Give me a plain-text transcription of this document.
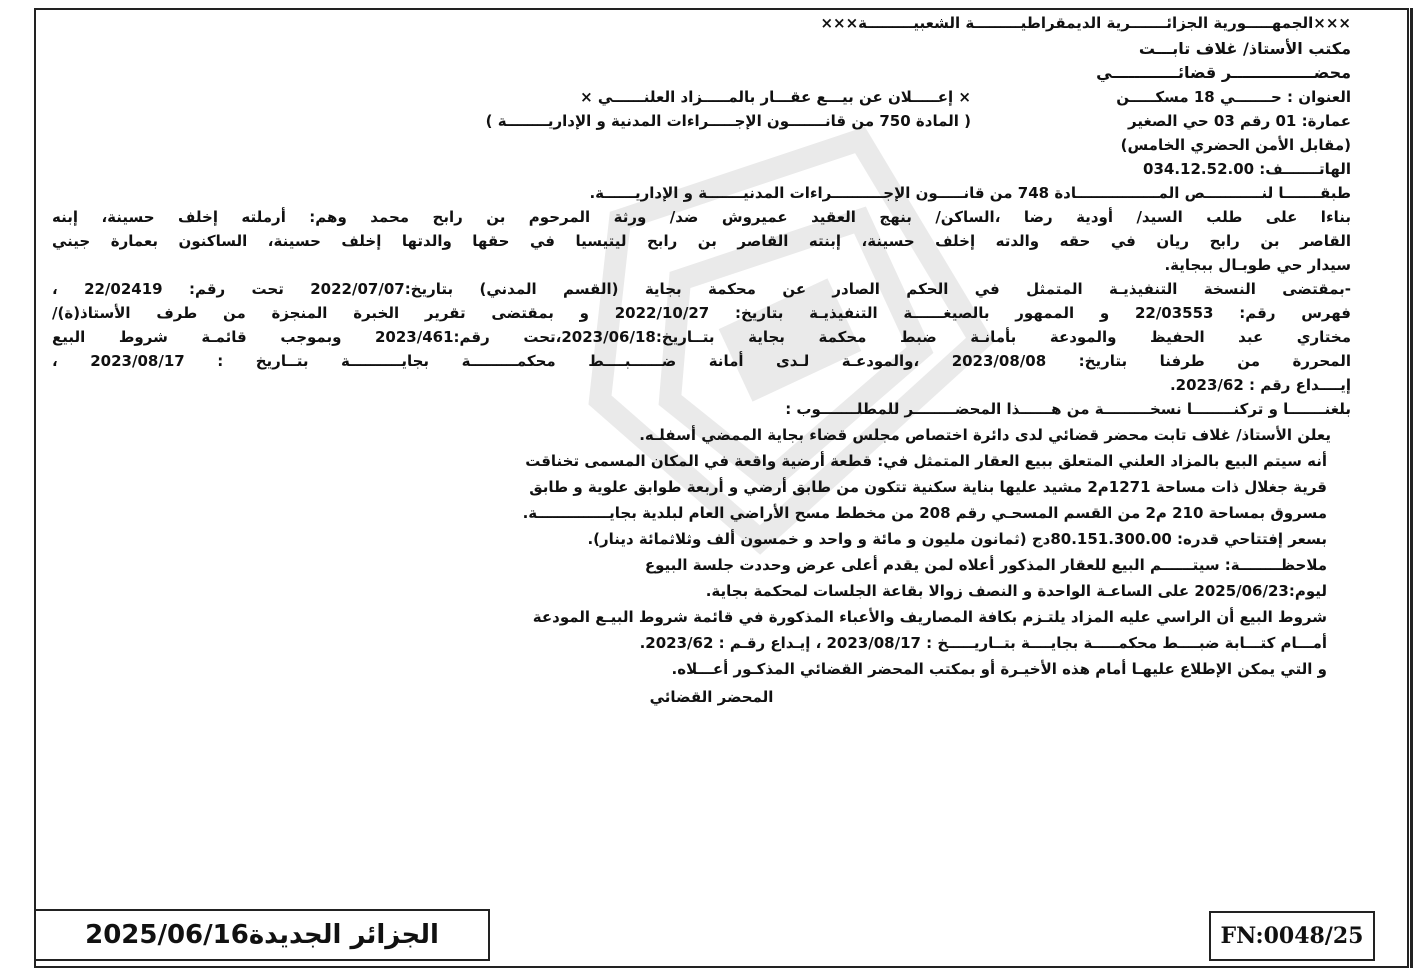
×××الجمهـــــورية الجزائـــــــرية الديمقراطيـــــــــة الشعبيـــــــــة×××
مكتب الأستاذ/ غلاف تابـــت
محضـــــــــــــــر قضائــــــــــــي
العنوان : حـــــــي 18 مسكـــــن
× إعـــــلان عن بيـــع عقـــار بالمـــــزاد العلنــــــي ×
عمارة: 01 رقم 03 حي الصغير
( المادة 750 من قانـــــــون الإجـــــراءات المدنية و الإداريــــــــة )
(مقابل الأمن الحضري الخامس)
الهاتـــــــف: 034.12.52.00
طبقـــــــا لنـــــــــــص المــــــــــــــــادة 748 من قانـــــون الإجــــــــــراءات المدنيـــــــة و الإداريــــــة.
بناءا على طلب السيد/ أودية رضا ،الساكن/ بنهج العقيد عميروش ضد/ ورثة المرحوم بن رابح محمد وهم: أرملته إخلف حسينة، إبنه
القاصر بن رابح ريان في حقه والدته إخلف حسينة، إبنته القاصر بن رابح ليتيسيا في حقها والدتها إخلف حسينة، الساكنون بعمارة جيني
سيدار حي طوبـال ببجاية.
-بمقتضى النسخة التنفيذيـة المتمثل في الحكم الصادر عن محكمة بجاية (القسم المدني) بتاريخ:2022/07/07 تحت رقم: 22/02419 ،
فهرس رقم: 22/03553 و الممهور بالصيغــــــة التنفيذيـة بتاريخ: 2022/10/27 و بمقتضى تقرير الخبرة المنجزة من طرف الأستاذ(ة)/
مختاري عبد الحفيظ والمودعة بأمانـة ضبط محكمة بجاية بتــاريخ:2023/06/18،تحت رقم:2023/461 وبموجب قائمـة شروط البيع
المحررة من طرفنا بتاريخ: 2023/08/08 ،والمودعـة لـدى أمانة ضــــــبــــط محكمـــــــــة بجايــــــــــة بتــاريخ : 2023/08/17 ،
إيــــداع رقم : 2023/62.
بلغنـــــــا و تركنــــــــا نسخـــــــــة من هــــــذا المحضــــــــر للمطلـــــــوب :
يعلن الأستاذ/ غلاف تابت محضر قضائي لدى دائرة اختصاص مجلس قضاء بجاية الممضي أسفلـه.
أنه سيتم البيع بالمزاد العلني المتعلق ببيع العقار المتمثل في: قطعة أرضية واقعة في المكان المسمى تخناقت
قرية جغلال ذات مساحة 1271م2 مشيد عليها بناية سكنية تتكون من طابق أرضي و أربعة طوابق علوية و طابق
مسروق بمساحة 210 م2 من القسم المسحـي رقم 208 من مخطط مسح الأراضي العام لبلدية بجايــــــــــــــة.
بسعر إفتتاحي قدره: 80.151.300.00دج (ثمانون مليون و مائة و واحد و خمسون ألف وثلاثمائة دينار).
ملاحظــــــــة: سيتــــــم البيع للعقار المذكور أعلاه لمن يقدم أعلى عرض وحددت جلسة البيوع
ليوم:2025/06/23 على الساعـة الواحدة و النصف زوالا بقاعة الجلسات لمحكمة بجاية.
شروط البيع أن الراسي عليه المزاد يلتـزم بكافة المصاريف والأعباء المذكورة في قائمة شروط البيـع المودعة
أمـــام كتـــابة ضبــــط محكمـــــة بجايــــة بتــاريـــــخ : 2023/08/17 ، إيـداع رقـم : 2023/62.
و التي يمكن الإطلاع عليهـا أمام هذه الأخيـرة أو بمكتب المحضر القضائي المذكـور أعـــلاه.
المحضر القضائي
الجزائر الجديدة2025/06/16	FN:0048/25
